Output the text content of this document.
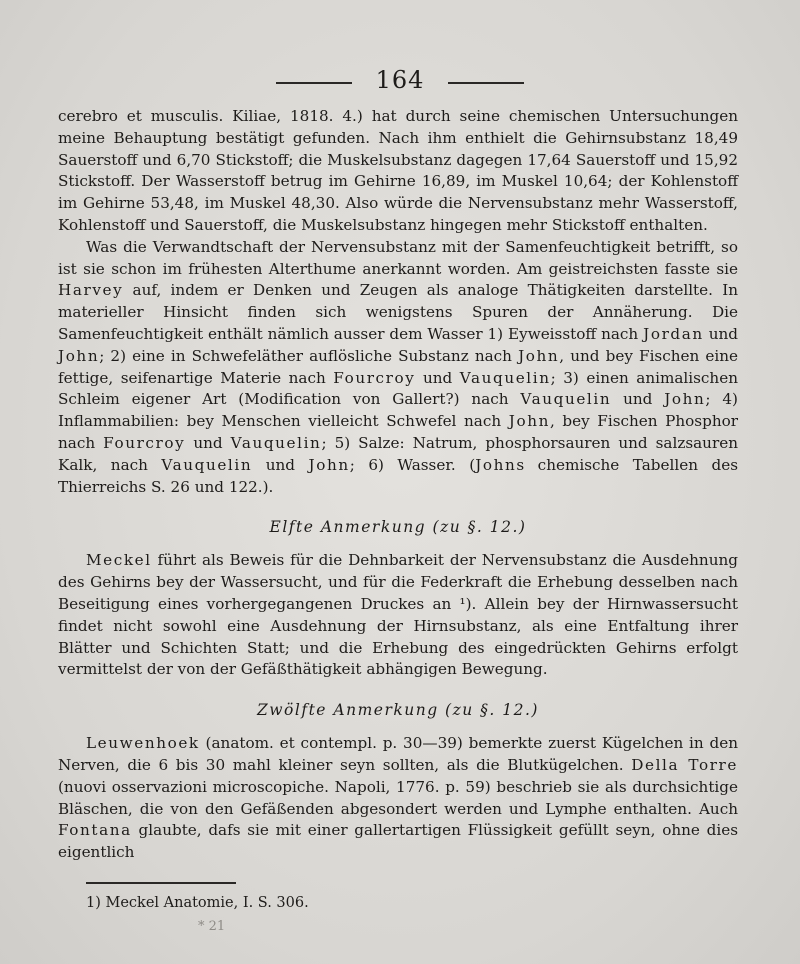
164

cerebro et musculis. Kiliae, 1818. 4.) hat durch seine chemischen Untersuchungen meine Behauptung bestätigt gefunden. Nach ihm enthielt die Gehirnsubstanz 18,49 Sauerstoff und 6,70 Stickstoff; die Muskelsubstanz dagegen 17,64 Sauerstoff und 15,92 Stickstoff. Der Wasserstoff betrug im Gehirne 16,89, im Muskel 10,64; der Kohlenstoff im Gehirne 53,48, im Muskel 48,30. Also würde die Nervensubstanz mehr Wasserstoff, Kohlenstoff und Sauerstoff, die Muskelsubstanz hingegen mehr Stickstoff enthalten.

Was die Verwandtschaft der Nervensubstanz mit der Samenfeuchtigkeit betrifft, so ist sie schon im frühesten Alterthume anerkannt worden. Am geistreichsten fasste sie Harvey auf, indem er Denken und Zeugen als analoge Thätigkeiten darstellte. In materieller Hinsicht finden sich wenigstens Spuren der Annäherung. Die Samenfeuchtigkeit enthält nämlich ausser dem Wasser 1) Eyweisstoff nach Jordan und John; 2) eine in Schwefeläther auflösliche Substanz nach John, und bey Fischen eine fettige, seifenartige Materie nach Fourcroy und Vauquelin; 3) einen animalischen Schleim eigener Art (Modification von Gallert?) nach Vauquelin und John; 4) Inflammabilien: bey Menschen vielleicht Schwefel nach John, bey Fischen Phosphor nach Fourcroy und Vauquelin; 5) Salze: Natrum, phosphorsauren und salzsauren Kalk, nach Vauquelin und John; 6) Wasser. (Johns chemische Tabellen des Thierreichs S. 26 und 122.).

Elfte Anmerkung (zu §. 12.)

Meckel führt als Beweis für die Dehnbarkeit der Nervensubstanz die Ausdehnung des Gehirns bey der Wassersucht, und für die Federkraft die Erhebung desselben nach Beseitigung eines vorhergegangenen Druckes an ¹). Allein bey der Hirnwassersucht findet nicht sowohl eine Ausdehnung der Hirnsubstanz, als eine Entfaltung ihrer Blätter und Schichten Statt; und die Erhebung des eingedrückten Gehirns erfolgt vermittelst der von der Gefäßthätigkeit abhängigen Bewegung.

Zwölfte Anmerkung (zu §. 12.)

Leuwenhoek (anatom. et contempl. p. 30—39) bemerkte zuerst Kügelchen in den Nerven, die 6 bis 30 mahl kleiner seyn sollten, als die Blutkügelchen. Della Torre (nuovi osservazioni microscopiche. Napoli, 1776. p. 59) beschrieb sie als durchsichtige Bläschen, die von den Gefäßenden abgesondert werden und Lymphe enthalten. Auch Fontana glaubte, dafs sie mit einer gallertartigen Flüssigkeit gefüllt seyn, ohne dies eigentlich

1) Meckel Anatomie, I. S. 306.
* 21
